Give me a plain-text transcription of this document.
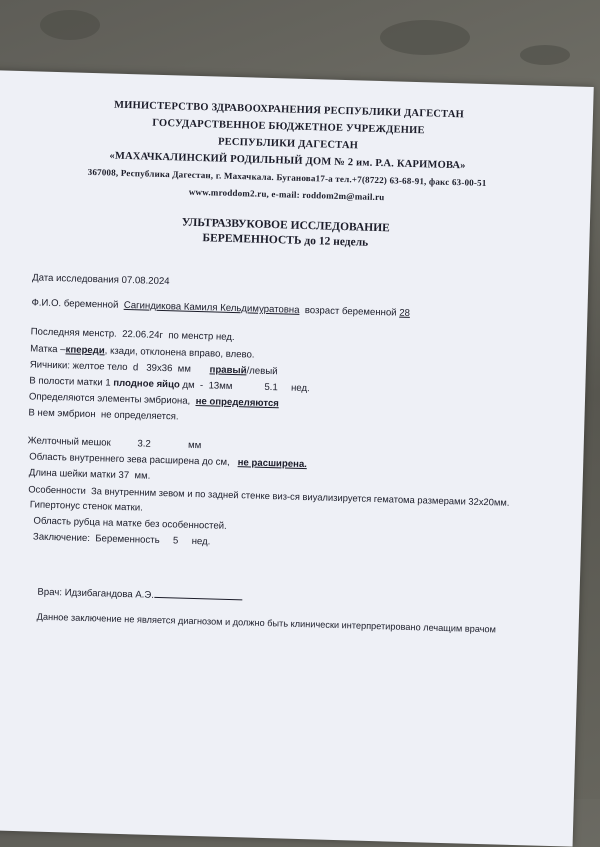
МИНИСТЕРСТВО ЗДРАВООХРАНЕНИЯ РЕСПУБЛИКИ ДАГЕСТАН
ГОСУДАРСТВЕННОЕ БЮДЖЕТНОЕ УЧРЕЖДЕНИЕ
РЕСПУБЛИКИ ДАГЕСТАН
«МАХАЧКАЛИНСКИЙ РОДИЛЬНЫЙ ДОМ № 2 им. Р.А. КАРИМОВА»
367008, Республика Дагестан, г. Махачкала. Буганова17-а тел.+7(8722) 63-68-91, факс 63-00-51
www.mroddom2.ru, e-mail: roddom2m@mail.ru
УЛЬТРАЗВУКОВОЕ ИССЛЕДОВАНИЕ
БЕРЕМЕННОСТЬ до 12 недель
Дата исследования 07.08.2024
Ф.И.О. беременной Сагиндикова Камиля Кельдимуратовна возраст беременной 28
Последняя менстр. 22.06.24г по менстр нед.
Матка –кпереди, кзади, отклонена вправо, влево.
Яичники: желтое тело d 39х36 мм правый/левый
В полости матки 1 плодное яйцо дм - 13мм	5.1 нед.
Определяются элементы эмбриона, не определяются
В нем эмбрион не определяется.
Желточный мешок	3.2	мм
Область внутреннего зева расширена до см, не расширена.
Длина шейки матки 37 мм.
Особенности За внутренним зевом и по задней стенке виз-ся виуализируется гематома размерами 32х20мм.
Гипертонус стенок матки.
Область рубца на матке без особенностей.
Заключение: Беременность 5 нед.
Врач: Идзибагандова А.Э.
Данное заключение не является диагнозом и должно быть клинически интерпретировано лечащим врачом
